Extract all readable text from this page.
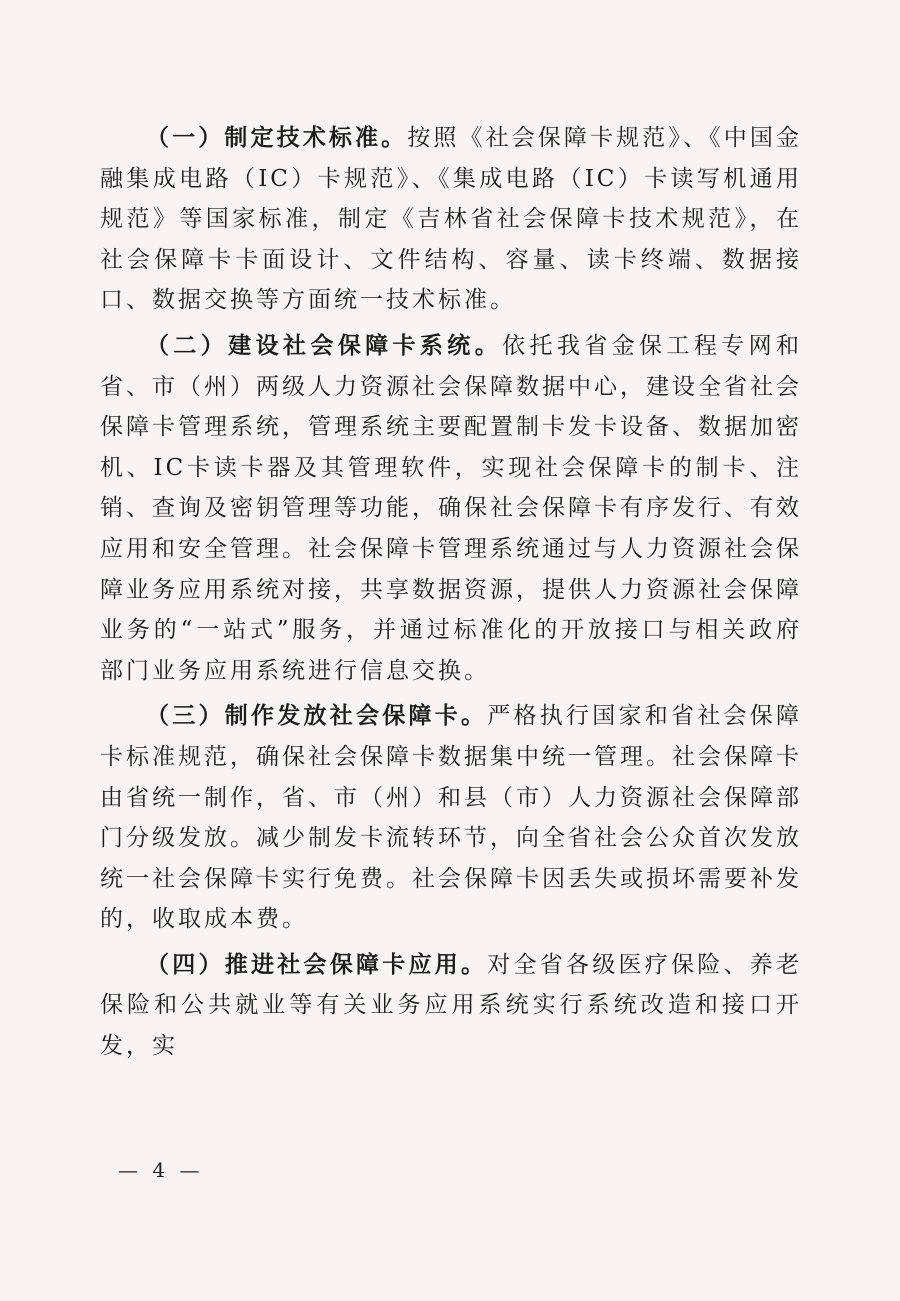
（一）制定技术标准。按照《社会保障卡规范》、《中国金融集成电路（IC）卡规范》、《集成电路（IC）卡读写机通用规范》等国家标准，制定《吉林省社会保障卡技术规范》，在社会保障卡卡面设计、文件结构、容量、读卡终端、数据接口、数据交换等方面统一技术标准。

（二）建设社会保障卡系统。依托我省金保工程专网和省、市（州）两级人力资源社会保障数据中心，建设全省社会保障卡管理系统，管理系统主要配置制卡发卡设备、数据加密机、IC卡读卡器及其管理软件，实现社会保障卡的制卡、注销、查询及密钥管理等功能，确保社会保障卡有序发行、有效应用和安全管理。社会保障卡管理系统通过与人力资源社会保障业务应用系统对接，共享数据资源，提供人力资源社会保障业务的“一站式”服务，并通过标准化的开放接口与相关政府部门业务应用系统进行信息交换。

（三）制作发放社会保障卡。严格执行国家和省社会保障卡标准规范，确保社会保障卡数据集中统一管理。社会保障卡由省统一制作，省、市（州）和县（市）人力资源社会保障部门分级发放。减少制发卡流转环节，向全省社会公众首次发放统一社会保障卡实行免费。社会保障卡因丢失或损坏需要补发的，收取成本费。

（四）推进社会保障卡应用。对全省各级医疗保险、养老保险和公共就业等有关业务应用系统实行系统改造和接口开发，实

— 4 —
